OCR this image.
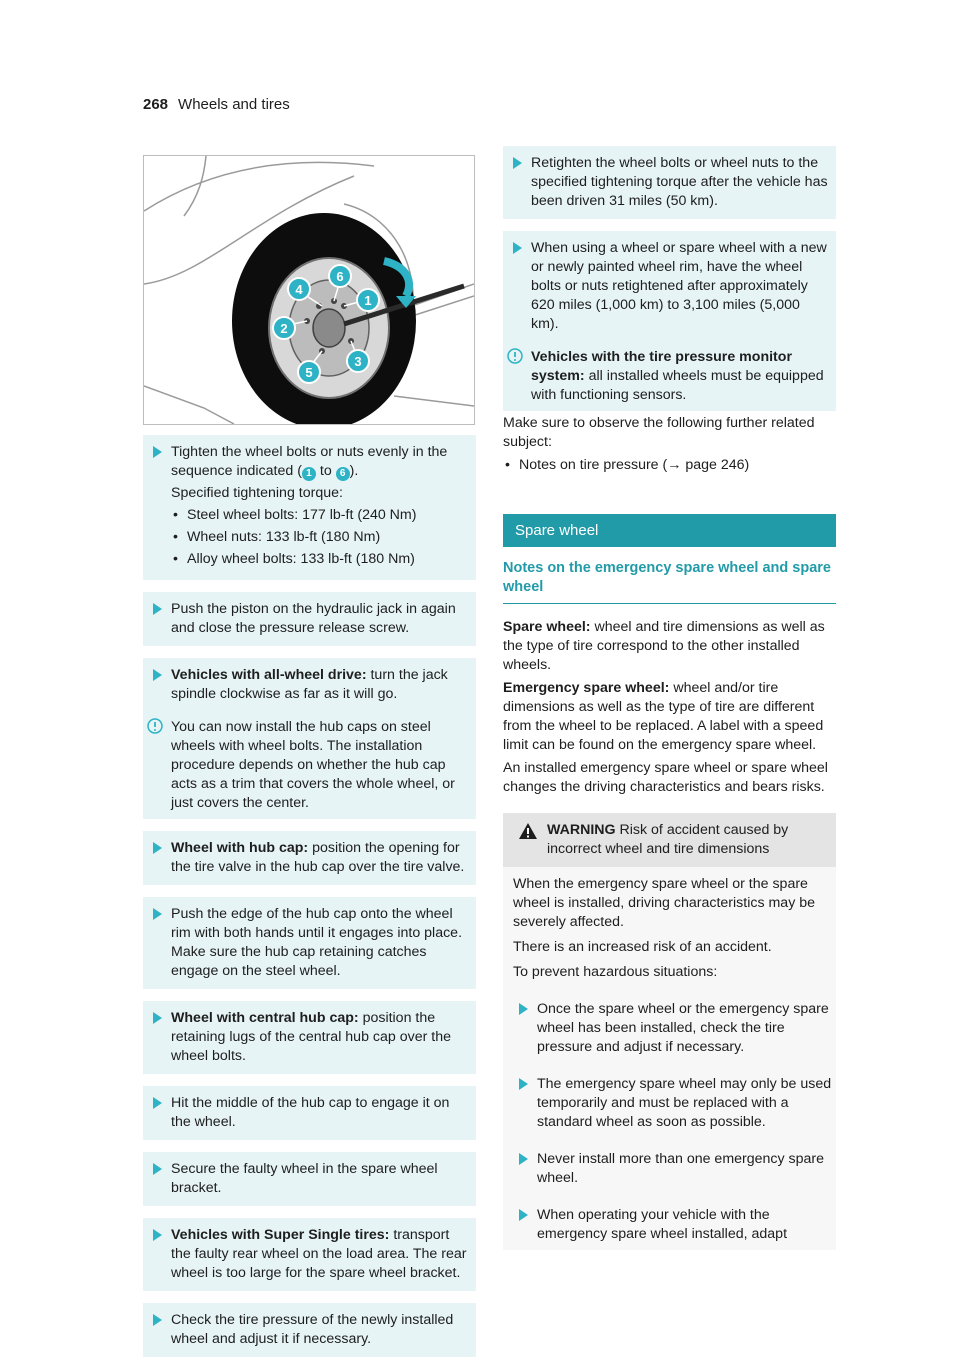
268 Wheels and tires
4
6
1
2
3
5

Tighten the wheel bolts or nuts evenly in the sequence indicated ( 1 to 6 ).

Specified tightening torque:

• Steel wheel bolts: 177 lb-ft (240 Nm)
• Wheel nuts: 133 lb-ft (180 Nm)
• Alloy wheel bolts: 133 lb-ft (180 Nm)

Push the piston on the hydraulic jack in again and close the pressure release screw.

Vehicles with all-wheel drive: turn the jack spindle clockwise as far as it will go.

You can now install the hub caps on steel wheels with wheel bolts. The installation procedure depends on whether the hub cap acts as a trim that covers the whole wheel, or just covers the center.

Wheel with hub cap: position the opening for the tire valve in the hub cap over the tire valve.

Push the edge of the hub cap onto the wheel rim with both hands until it engages into place. Make sure the hub cap retaining catches engage on the steel wheel.

Wheel with central hub cap: position the retaining lugs of the central hub cap over the wheel bolts.

Hit the middle of the hub cap to engage it on the wheel.

Secure the faulty wheel in the spare wheel bracket.

Vehicles with Super Single tires: transport the faulty rear wheel on the load area. The rear wheel is too large for the spare wheel bracket.

Check the tire pressure of the newly installed wheel and adjust it if necessary.

Retighten the wheel bolts or wheel nuts to the specified tightening torque after the vehicle has been driven 31 miles (50 km).

When using a wheel or spare wheel with a new or newly painted wheel rim, have the wheel bolts or nuts retightened after approximately 620 miles (1,000 km) to 3,100 miles (5,000 km).

Vehicles with the tire pressure monitor system: all installed wheels must be equipped with functioning sensors.

Make sure to observe the following further related subject:

• Notes on tire pressure (→ page 246)
Spare wheel
Notes on the emergency spare wheel and spare wheel

Spare wheel: wheel and tire dimensions as well as the type of tire correspond to the other installed wheels.

Emergency spare wheel: wheel and/or tire dimensions as well as the type of tire are different from the wheel to be replaced. A label with a speed limit can be found on the emergency spare wheel.

An installed emergency spare wheel or spare wheel changes the driving characteristics and bears risks.

WARNING Risk of accident caused by incorrect wheel and tire dimensions

When the emergency spare wheel or the spare wheel is installed, driving characteristics may be severely affected.

There is an increased risk of an accident.

To prevent hazardous situations:

Once the spare wheel or the emergency spare wheel has been installed, check the tire pressure and adjust if necessary.
The emergency spare wheel may only be used temporarily and must be replaced with a standard wheel as soon as possible.
Never install more than one emergency spare wheel.
When operating your vehicle with the emergency spare wheel installed, adapt
